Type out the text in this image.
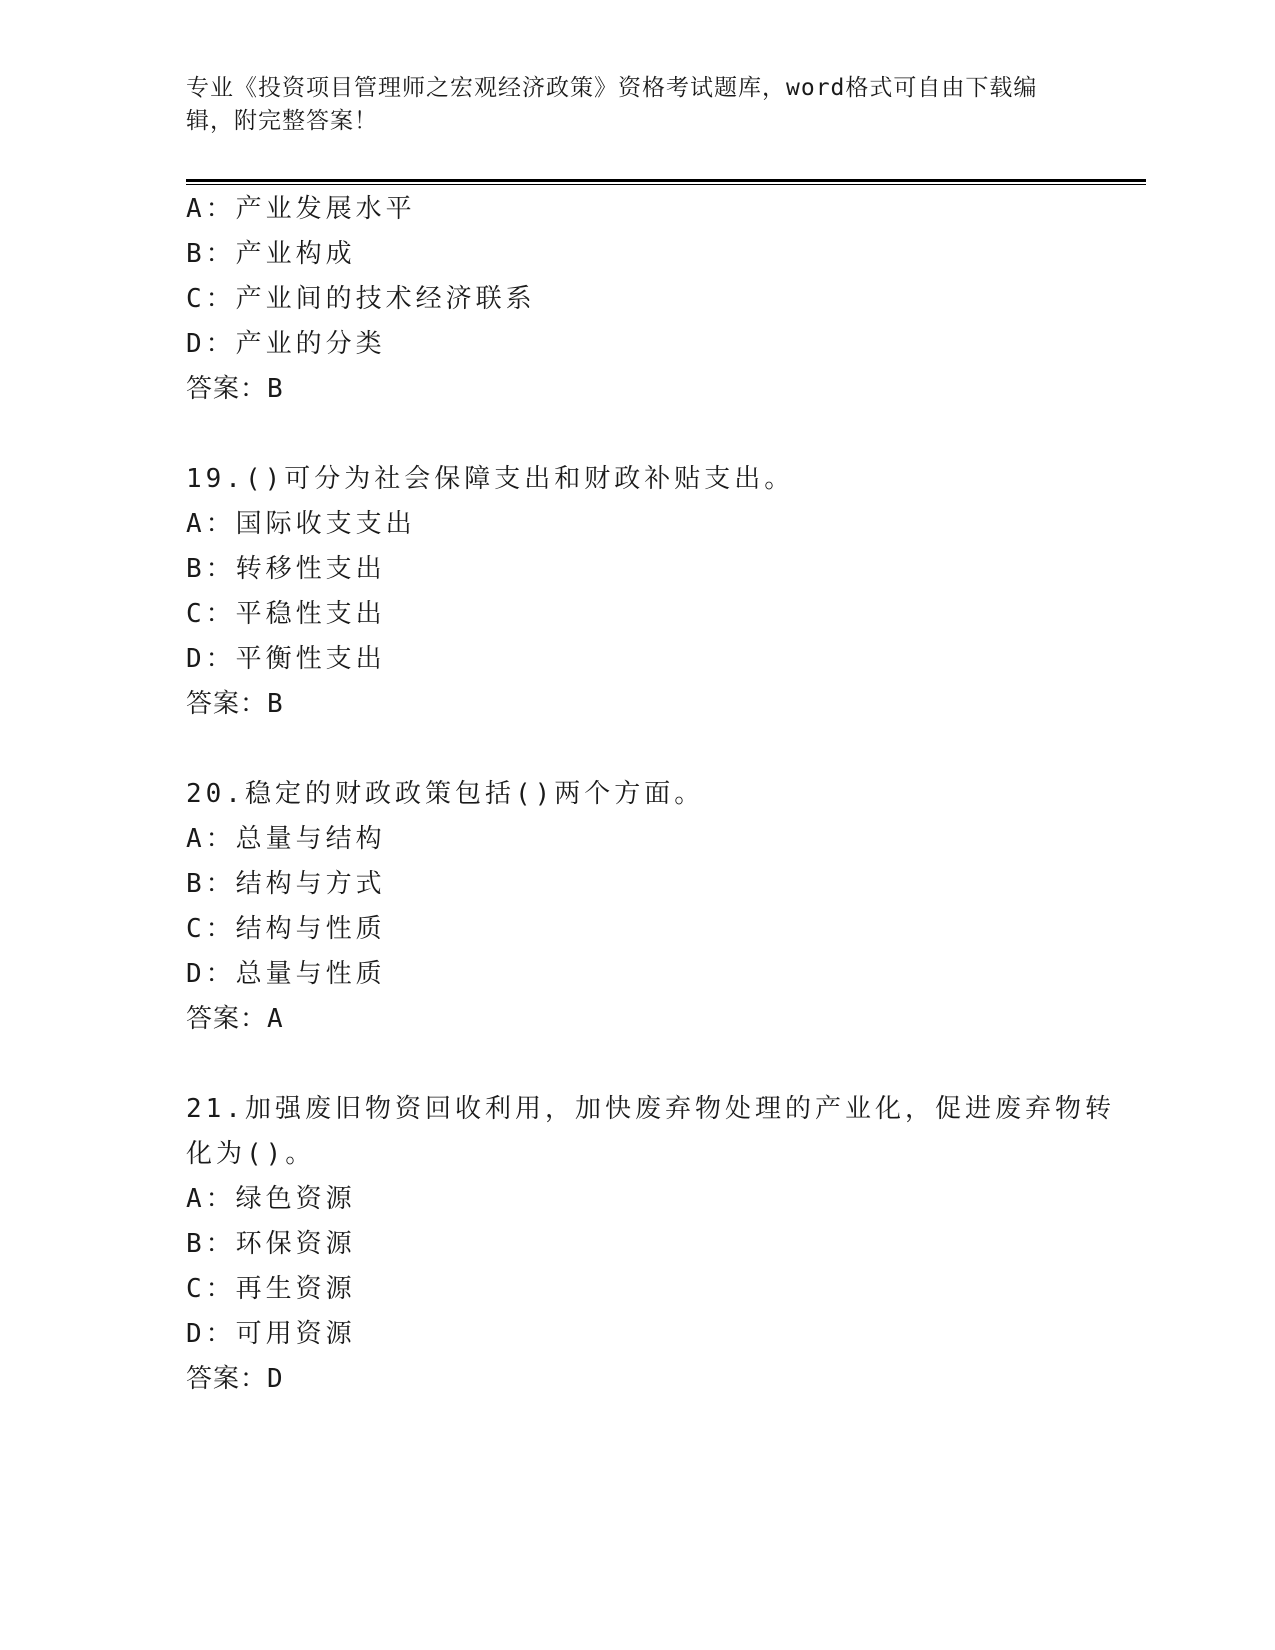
专业《投资项目管理师之宏观经济政策》资格考试题库，word格式可自由下载编
辑，附完整答案！
A：产业发展水平
B：产业构成
C：产业间的技术经济联系
D：产业的分类
答案：B
19.()可分为社会保障支出和财政补贴支出。
A：国际收支支出
B：转移性支出
C：平稳性支出
D：平衡性支出
答案：B
20.稳定的财政政策包括()两个方面。
A：总量与结构
B：结构与方式
C：结构与性质
D：总量与性质
答案：A
21.加强废旧物资回收利用，加快废弃物处理的产业化，促进废弃物转
化为()。
A：绿色资源
B：环保资源
C：再生资源
D：可用资源
答案：D
